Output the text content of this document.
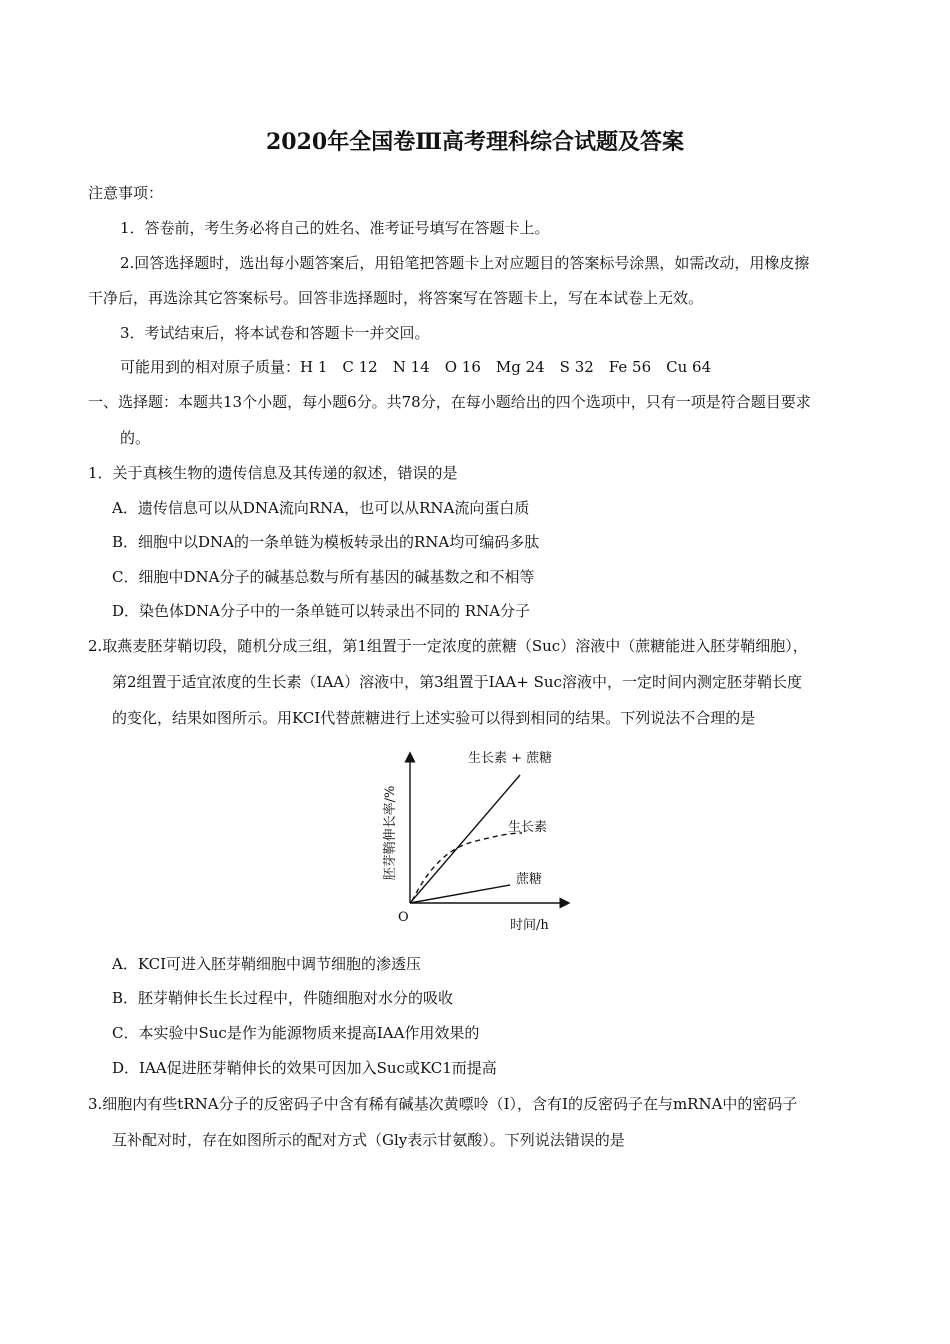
2020年全国卷Ⅲ高考理科综合试题及答案
注意事项：
1．答卷前，考生务必将自己的姓名、准考证号填写在答题卡上。
2.回答选择题时，选出每小题答案后，用铅笔把答题卡上对应题目的答案标号涂黑，如需改动，用橡皮擦
干净后，再选涂其它答案标号。回答非选择题时，将答案写在答题卡上，写在本试卷上无效。
3．考试结束后，将本试卷和答题卡一并交回。
可能用到的相对原子质量：H 1　C 12　N 14　O 16　Mg 24　S 32　Fe 56　Cu 64
一、选择题：本题共13个小题，每小题6分。共78分，在每小题给出的四个选项中，只有一项是符合题目要求
的。
1．关于真核生物的遗传信息及其传递的叙述，错误的是
A．遗传信息可以从DNA流向RNA，也可以从RNA流向蛋白质
B．细胞中以DNA的一条单链为模板转录出的RNA均可编码多肽
C．细胞中DNA分子的碱基总数与所有基因的碱基数之和不相等
D．染色体DNA分子中的一条单链可以转录出不同的 RNA分子
2.取燕麦胚芽鞘切段，随机分成三组，第1组置于一定浓度的蔗糖（Suc）溶液中（蔗糖能进入胚芽鞘细胞），
第2组置于适宜浓度的生长素（IAA）溶液中，第3组置于IAA+ Suc溶液中，一定时间内测定胚芽鞘长度
的变化，结果如图所示。用KCI代替蔗糖进行上述实验可以得到相同的结果。下列说法不合理的是
O
时间/h
胚芽鞘伸长率/%
生长素 + 蔗糖
生长素
蔗糖
A．KCI可进入胚芽鞘细胞中调节细胞的渗透压
B．胚芽鞘伸长生长过程中，件随细胞对水分的吸收
C．本实验中Suc是作为能源物质来提高IAA作用效果的
D．IAA促进胚芽鞘伸长的效果可因加入Suc或KC1而提高
3.细胞内有些tRNA分子的反密码子中含有稀有碱基次黄嘌呤（I），含有I的反密码子在与mRNA中的密码子
互补配对时，存在如图所示的配对方式（Gly表示甘氨酸）。下列说法错误的是
